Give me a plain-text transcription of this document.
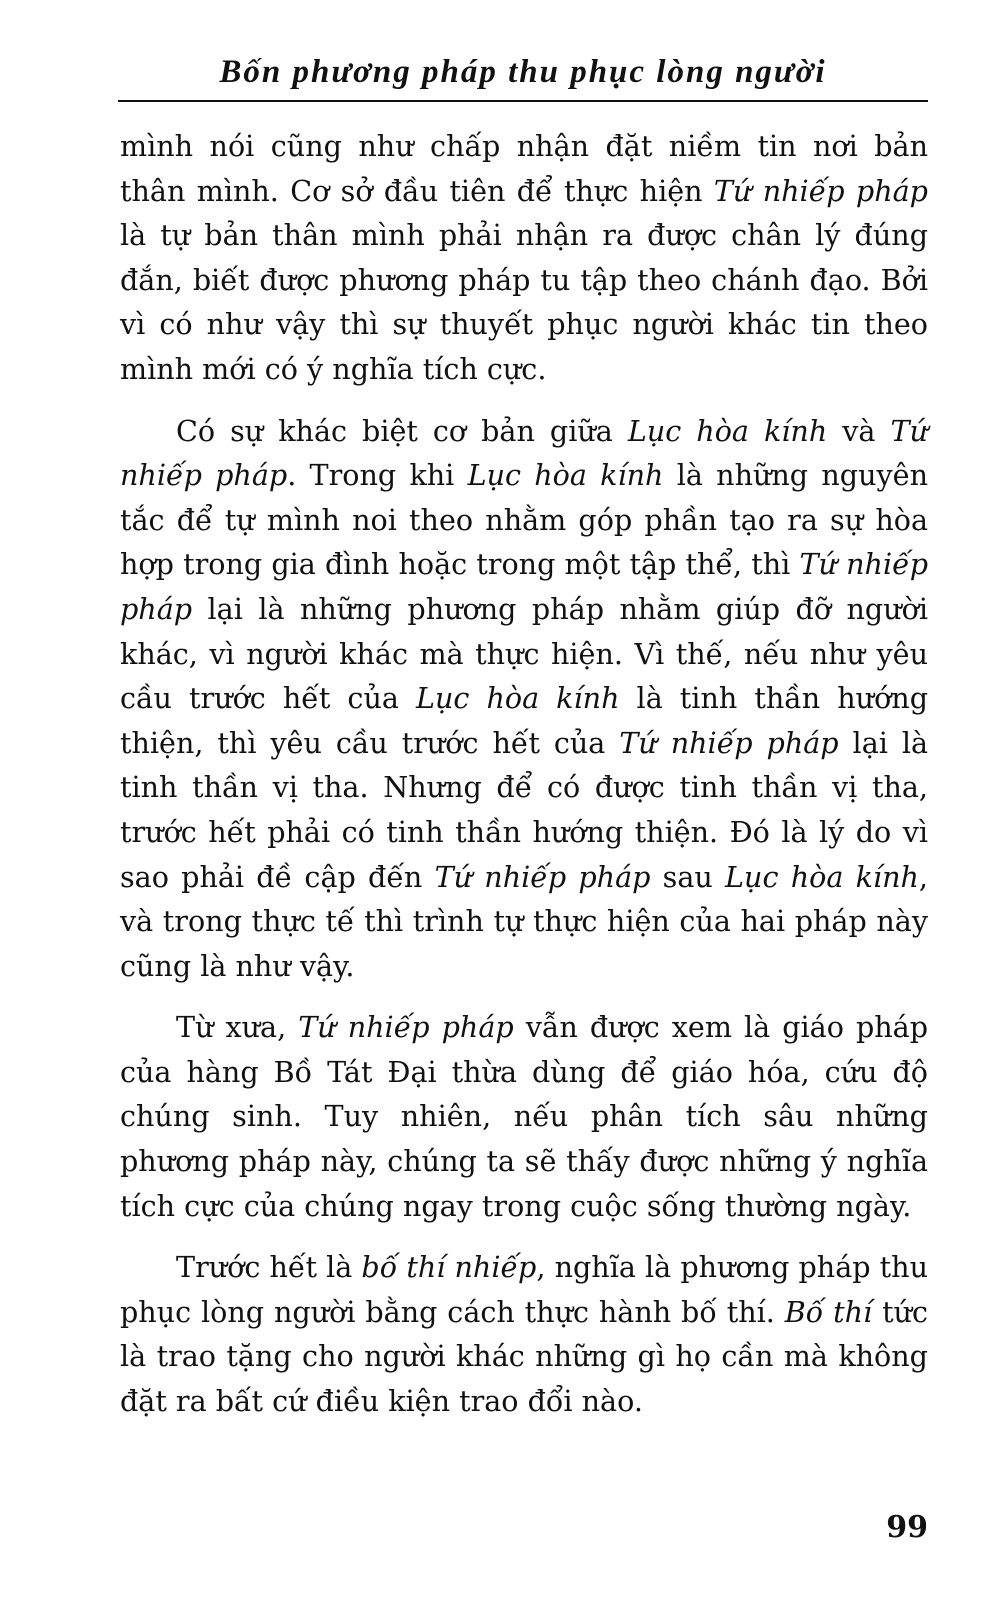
Bốn phương pháp thu phục lòng người

mình nói cũng như chấp nhận đặt niềm tin nơi bản thân mình. Cơ sở đầu tiên để thực hiện Tứ nhiếp pháp là tự bản thân mình phải nhận ra được chân lý đúng đắn, biết được phương pháp tu tập theo chánh đạo. Bởi vì có như vậy thì sự thuyết phục người khác tin theo mình mới có ý nghĩa tích cực.

Có sự khác biệt cơ bản giữa Lục hòa kính và Tứ nhiếp pháp. Trong khi Lục hòa kính là những nguyên tắc để tự mình noi theo nhằm góp phần tạo ra sự hòa hợp trong gia đình hoặc trong một tập thể, thì Tứ nhiếp pháp lại là những phương pháp nhằm giúp đỡ người khác, vì người khác mà thực hiện. Vì thế, nếu như yêu cầu trước hết của Lục hòa kính là tinh thần hướng thiện, thì yêu cầu trước hết của Tứ nhiếp pháp lại là tinh thần vị tha. Nhưng để có được tinh thần vị tha, trước hết phải có tinh thần hướng thiện. Đó là lý do vì sao phải đề cập đến Tứ nhiếp pháp sau Lục hòa kính, và trong thực tế thì trình tự thực hiện của hai pháp này cũng là như vậy.

Từ xưa, Tứ nhiếp pháp vẫn được xem là giáo pháp của hàng Bồ Tát Đại thừa dùng để giáo hóa, cứu độ chúng sinh. Tuy nhiên, nếu phân tích sâu những phương pháp này, chúng ta sẽ thấy được những ý nghĩa tích cực của chúng ngay trong cuộc sống thường ngày.

Trước hết là bố thí nhiếp, nghĩa là phương pháp thu phục lòng người bằng cách thực hành bố thí. Bố thí tức là trao tặng cho người khác những gì họ cần mà không đặt ra bất cứ điều kiện trao đổi nào.

99
